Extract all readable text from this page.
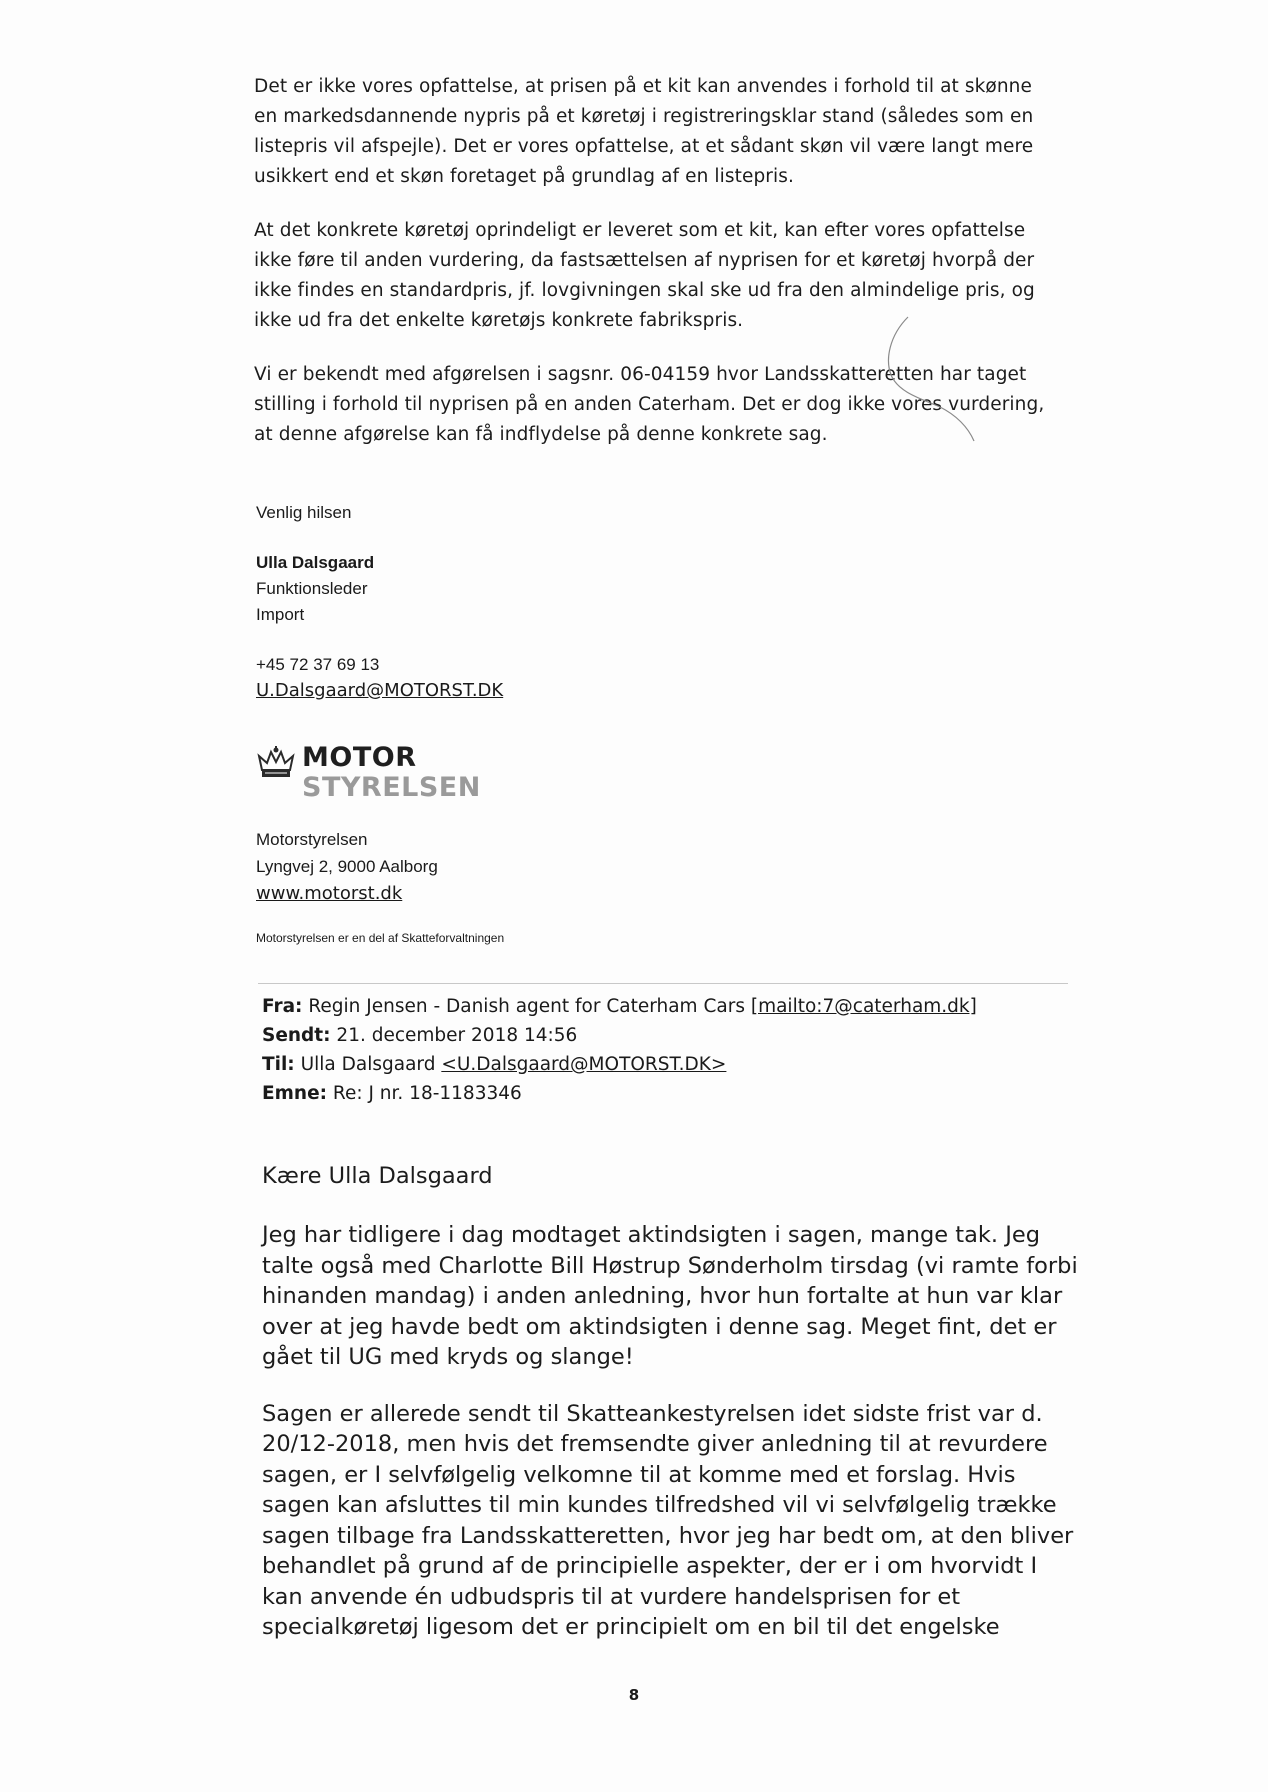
Det er ikke vores opfattelse, at prisen på et kit kan anvendes i forhold til at skønne en markedsdannende nypris på et køretøj i registreringsklar stand (således som en listepris vil afspejle). Det er vores opfattelse, at et sådant skøn vil være langt mere usikkert end et skøn foretaget på grundlag af en listepris.

At det konkrete køretøj oprindeligt er leveret som et kit, kan efter vores opfattelse ikke føre til anden vurdering, da fastsættelsen af nyprisen for et køretøj hvorpå der ikke findes en standardpris, jf. lovgivningen skal ske ud fra den almindelige pris, og ikke ud fra det enkelte køretøjs konkrete fabrikspris.

Vi er bekendt med afgørelsen i sagsnr. 06-04159 hvor Landsskatteretten har taget stilling i forhold til nyprisen på en anden Caterham. Det er dog ikke vores vurdering, at denne afgørelse kan få indflydelse på denne konkrete sag.

Venlig hilsen
Ulla Dalsgaard
Funktionsleder
Import
+45 72 37 69 13
U.Dalsgaard@MOTORST.DK
MOTOR
STYRELSEN
Motorstyrelsen
Lyngvej 2, 9000 Aalborg
www.motorst.dk
Motorstyrelsen er en del af Skatteforvaltningen
Fra: Regin Jensen - Danish agent for Caterham Cars [mailto:7@caterham.dk]
Sendt: 21. december 2018 14:56
Til: Ulla Dalsgaard <U.Dalsgaard@MOTORST.DK>
Emne: Re: J nr. 18-1183346
Kære Ulla Dalsgaard

Jeg har tidligere i dag modtaget aktindsigten i sagen, mange tak. Jeg talte også med Charlotte Bill Høstrup Sønderholm tirsdag (vi ramte forbi hinanden mandag) i anden anledning, hvor hun fortalte at hun var klar over at jeg havde bedt om aktindsigten i denne sag. Meget fint, det er gået til UG med kryds og slange!

Sagen er allerede sendt til Skatteankestyrelsen idet sidste frist var d. 20/12-2018, men hvis det fremsendte giver anledning til at revurdere sagen, er I selvfølgelig velkomne til at komme med et forslag. Hvis sagen kan afsluttes til min kundes tilfredshed vil vi selvfølgelig trække sagen tilbage fra Landsskatteretten, hvor jeg har bedt om, at den bliver behandlet på grund af de principielle aspekter, der er i om hvorvidt I kan anvende én udbudspris til at vurdere handelsprisen for et specialkøretøj ligesom det er principielt om en bil til det engelske

8
